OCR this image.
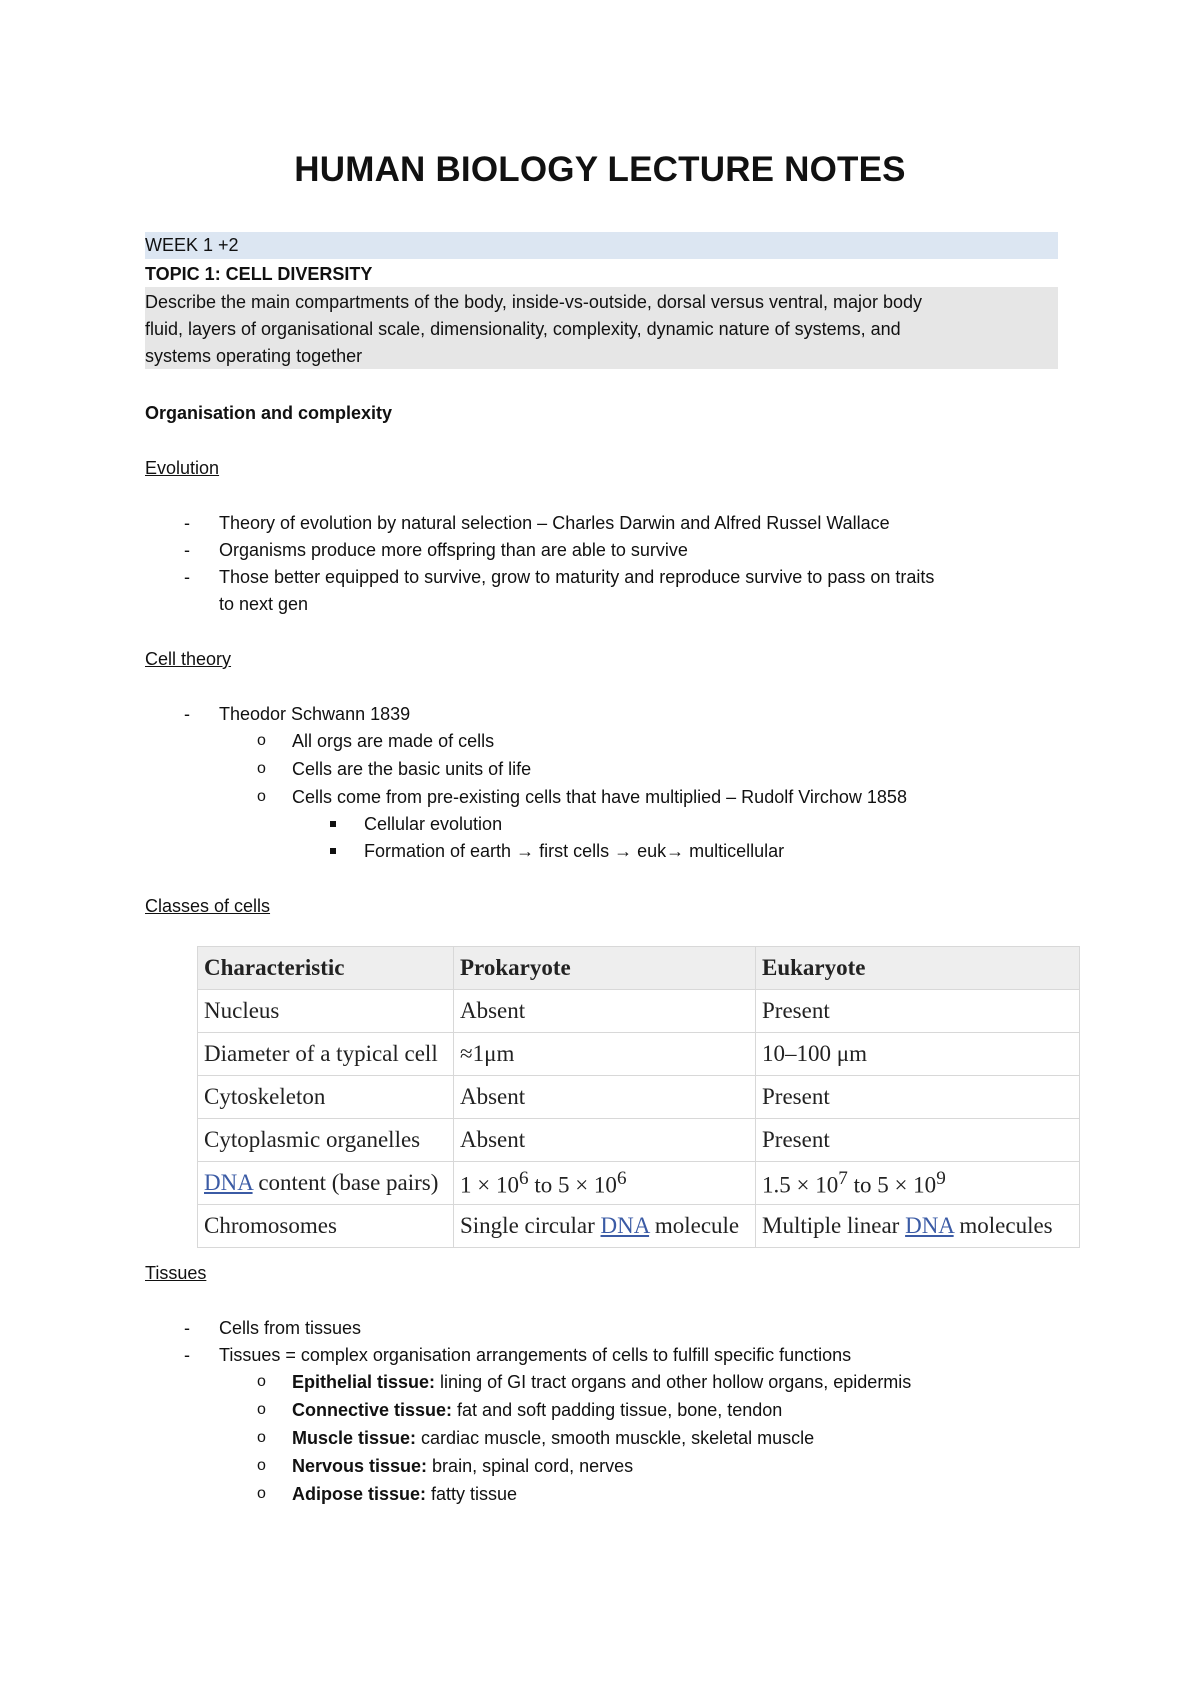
HUMAN BIOLOGY LECTURE NOTES
WEEK 1 +2
TOPIC 1: CELL DIVERSITY
Describe the main compartments of the body, inside-vs-outside, dorsal versus ventral, major body
fluid, layers of organisational scale, dimensionality, complexity, dynamic nature of systems, and
systems operating together
Organisation and complexity
Evolution
- Theory of evolution by natural selection – Charles Darwin and Alfred Russel Wallace
- Organisms produce more offspring than are able to survive
- Those better equipped to survive, grow to maturity and reproduce survive to pass on traits
to next gen
Cell theory
- Theodor Schwann 1839
o All orgs are made of cells
o Cells are the basic units of life
o Cells come from pre-existing cells that have multiplied – Rudolf Virchow 1858
Cellular evolution
Formation of earth → first cells → euk→ multicellular
Classes of cells
Characteristic	Prokaryote	Eukaryote
Nucleus	Absent	Present
Diameter of a typical cell	≈1μm	10–100 μm
Cytoskeleton	Absent	Present
Cytoplasmic organelles	Absent	Present
DNA content (base pairs)	$1 \times 10^6$ to $5 \times 10^6$	$1.5 \times 10^7$ to $5 \times 10^9$
Chromosomes	Single circular DNA molecule	Multiple linear DNA molecules
Tissues
- Cells from tissues
- Tissues = complex organisation arrangements of cells to fulfill specific functions
o Epithelial tissue: lining of GI tract organs and other hollow organs, epidermis
o Connective tissue: fat and soft padding tissue, bone, tendon
o Muscle tissue: cardiac muscle, smooth musckle, skeletal muscle
o Nervous tissue: brain, spinal cord, nerves
o Adipose tissue: fatty tissue
